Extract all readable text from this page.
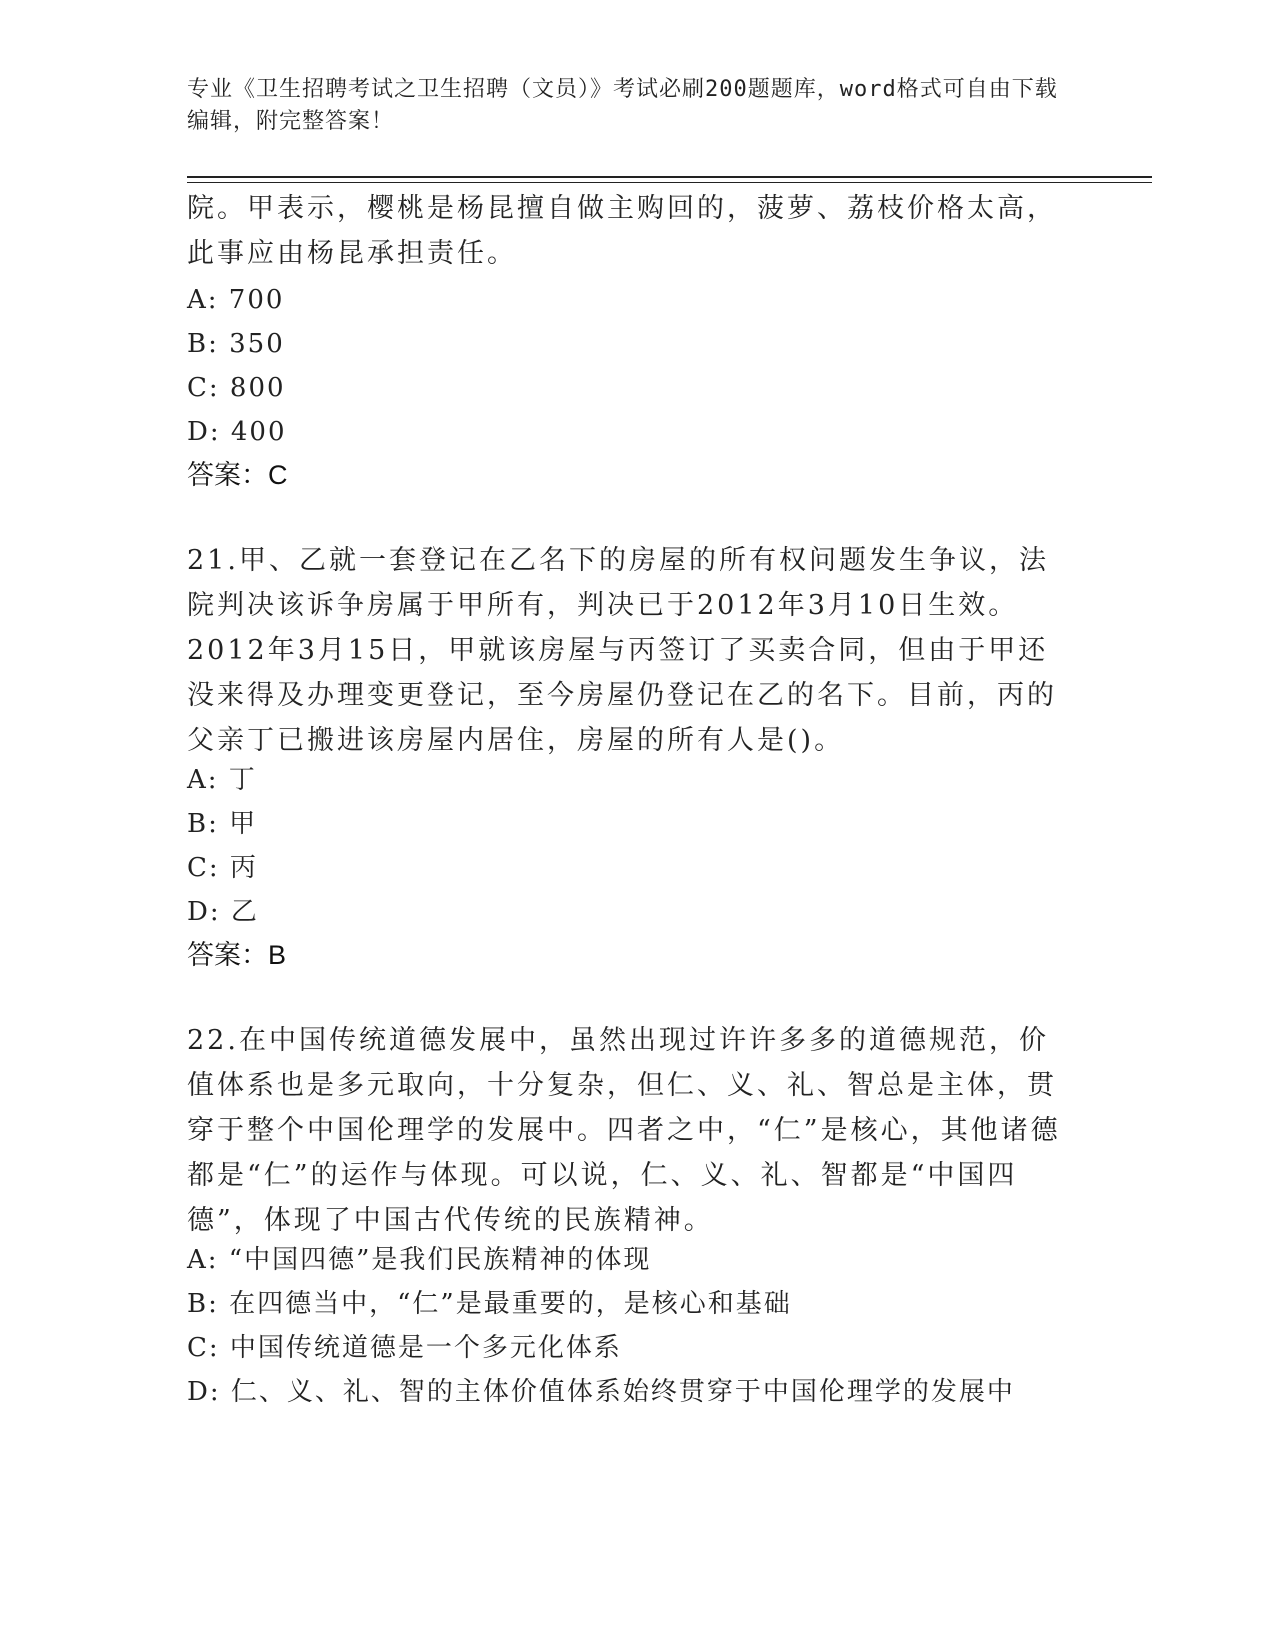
专业《卫生招聘考试之卫生招聘（文员）》考试必刷200题题库，word格式可自由下载编辑，附完整答案！

院。甲表示，樱桃是杨昆擅自做主购回的，菠萝、荔枝价格太高，此事应由杨昆承担责任。

A: 700
B: 350
C: 800
D: 400
答案：C

21.甲、乙就一套登记在乙名下的房屋的所有权问题发生争议，法院判决该诉争房属于甲所有，判决已于2012年3月10日生效。2012年3月15日，甲就该房屋与丙签订了买卖合同，但由于甲还没来得及办理变更登记，至今房屋仍登记在乙的名下。目前，丙的父亲丁已搬进该房屋内居住，房屋的所有人是()。

A: 丁
B: 甲
C: 丙
D: 乙
答案：B

22.在中国传统道德发展中，虽然出现过许许多多的道德规范，价值体系也是多元取向，十分复杂，但仁、义、礼、智总是主体，贯穿于整个中国伦理学的发展中。四者之中，“仁”是核心，其他诸德都是“仁”的运作与体现。可以说，仁、义、礼、智都是“中国四德”，体现了中国古代传统的民族精神。

A: “中国四德”是我们民族精神的体现
B: 在四德当中，“仁”是最重要的，是核心和基础
C: 中国传统道德是一个多元化体系
D: 仁、义、礼、智的主体价值体系始终贯穿于中国伦理学的发展中
